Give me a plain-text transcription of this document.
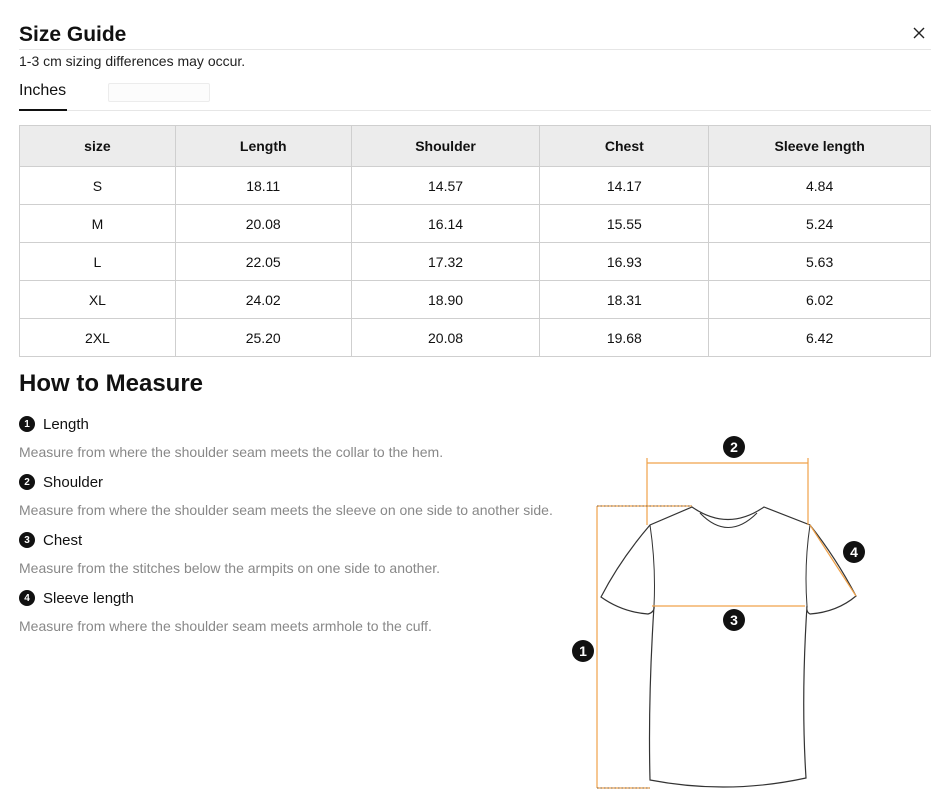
Size Guide
1-3 cm sizing differences may occur.
Inches
size	Length	Shoulder	Chest	Sleeve length
S	18.11	14.57	14.17	4.84
M	20.08	16.14	15.55	5.24
L	22.05	17.32	16.93	5.63
XL	24.02	18.90	18.31	6.02
2XL	25.20	20.08	19.68	6.42
How to Measure
1 Length
Measure from where the shoulder seam meets the collar to the hem.
2 Shoulder
Measure from where the shoulder seam meets the sleeve on one side to another side.
3 Chest
Measure from the stitches below the armpits on one side to another.
4 Sleeve length
Measure from where the shoulder seam meets armhole to the cuff.
1
2
3
4
